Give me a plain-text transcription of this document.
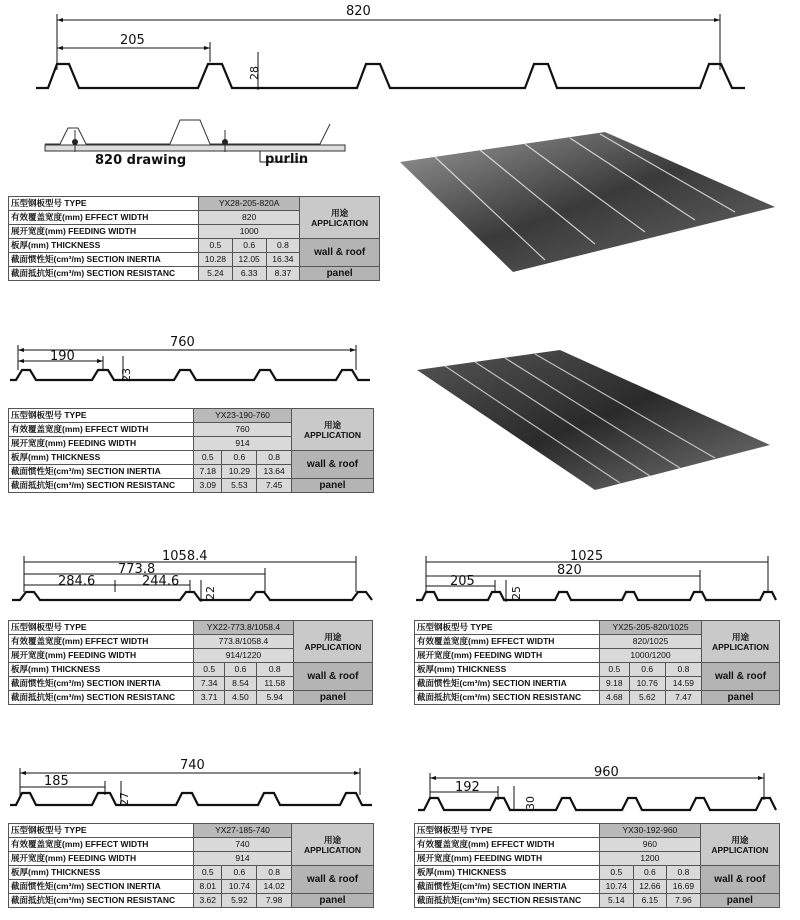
820
205
28
820 drawing	purlin
压型钢板型号 TYPE	YX28-205-820A			用途
APPLICATION
有效覆盖宽度(mm) EFFECT WIDTH	820			
展开宽度(mm) FEEDING WIDTH	1000			
板厚(mm) THICKNESS	0.5	0.6	0.8	wall & roof
截面惯性矩(cm³/m) SECTION INERTIA	10.28	12.05	16.34	
截面抵抗矩(cm³/m) SECTION RESISTANC	5.24	6.33	8.37	panel
760
190
23
压型钢板型号 TYPE	YX23-190-760			用途
APPLICATION
有效覆盖宽度(mm) EFFECT WIDTH	760			
展开宽度(mm) FEEDING WIDTH	914			
板厚(mm) THICKNESS	0.5	0.6	0.8	wall & roof
截面惯性矩(cm³/m) SECTION INERTIA	7.18	10.29	13.64	
截面抵抗矩(cm³/m) SECTION RESISTANC	3.09	5.53	7.45	panel
1058.4
773.8
284.6	244.6
22
压型钢板型号 TYPE	YX22-773.8/1058.4			用途
APPLICATION
有效覆盖宽度(mm) EFFECT WIDTH	773.8/1058.4			
展开宽度(mm) FEEDING WIDTH	914/1220			
板厚(mm) THICKNESS	0.5	0.6	0.8	wall & roof
截面惯性矩(cm³/m) SECTION INERTIA	7.34	8.54	11.58	
截面抵抗矩(cm³/m) SECTION RESISTANC	3.71	4.50	5.94	panel
1025
820
205
25
压型钢板型号 TYPE	YX25-205-820/1025			用途
APPLICATION
有效覆盖宽度(mm) EFFECT WIDTH	820/1025			
展开宽度(mm) FEEDING WIDTH	1000/1200			
板厚(mm) THICKNESS	0.5	0.6	0.8	wall & roof
截面惯性矩(cm³/m) SECTION INERTIA	9.18	10.76	14.59	
截面抵抗矩(cm³/m) SECTION RESISTANC	4.68	5.62	7.47	panel
740
185
27
压型钢板型号 TYPE	YX27-185-740			用途
APPLICATION
有效覆盖宽度(mm) EFFECT WIDTH	740			
展开宽度(mm) FEEDING WIDTH	914			
板厚(mm) THICKNESS	0.5	0.6	0.8	wall & roof
截面惯性矩(cm³/m) SECTION INERTIA	8.01	10.74	14.02	
截面抵抗矩(cm³/m) SECTION RESISTANC	3.62	5.92	7.98	panel
960
192
30
压型钢板型号 TYPE	YX30-192-960			用途
APPLICATION
有效覆盖宽度(mm) EFFECT WIDTH	960			
展开宽度(mm) FEEDING WIDTH	1200			
板厚(mm) THICKNESS	0.5	0.6	0.8	wall & roof
截面惯性矩(cm³/m) SECTION INERTIA	10.74	12.66	16.69	
截面抵抗矩(cm³/m) SECTION RESISTANC	5.14	6.15	7.96	panel
